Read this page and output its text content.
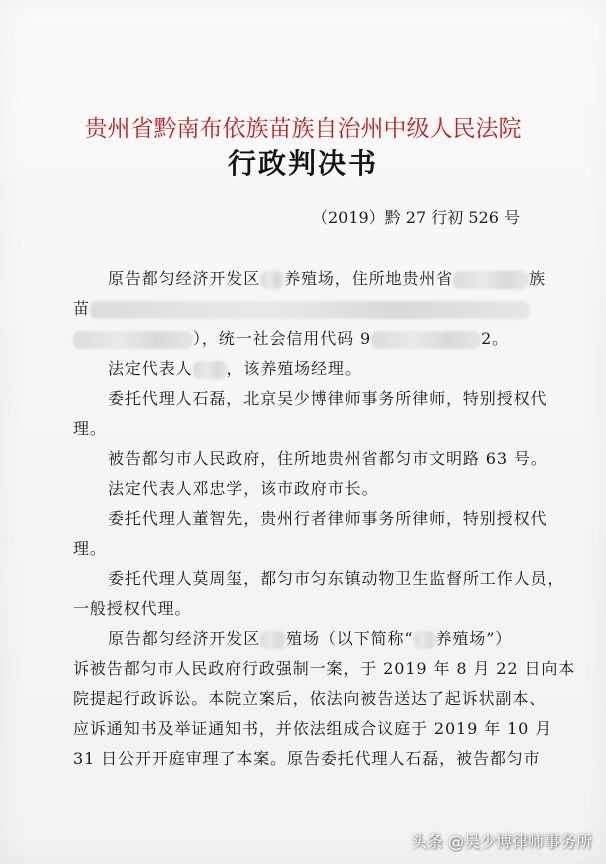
贵州省黔南布依族苗族自治州中级人民法院
行政判决书
（2019）黔 27 行初 526 号
原告都匀经济开发区 养殖场，住所地贵州省	族
苗
），统一社会信用代码 9	2。
法定代表人 ，该养殖场经理。
委托代理人石磊，北京吴少博律师事务所律师，特别授权代
理。
被告都匀市人民政府，住所地贵州省都匀市文明路 63 号。
法定代表人邓忠学，该市政府市长。
委托代理人董智先，贵州行者律师事务所律师，特别授权代
理。
委托代理人莫周玺，都匀市匀东镇动物卫生监督所工作人员，
一般授权代理。
原告都匀经济开发区 殖场（以下简称“ 养殖场”）
诉被告都匀市人民政府行政强制一案，于 2019 年 8 月 22 日向本
院提起行政诉讼。本院立案后，依法向被告送达了起诉状副本、
应诉通知书及举证通知书，并依法组成合议庭于 2019 年 10 月
31 日公开开庭审理了本案。原告委托代理人石磊，被告都匀市
头条 @吴少博律师事务所
